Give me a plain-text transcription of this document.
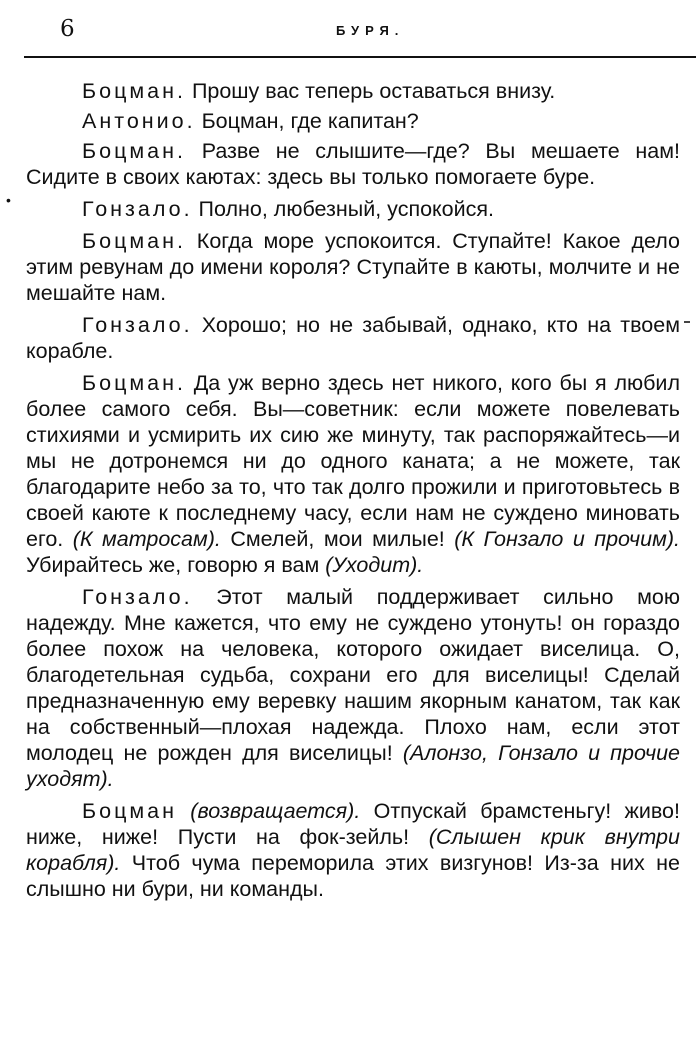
6	БУРЯ.
•

Боцман. Прошу вас теперь оставаться внизу.

Антонио. Боцман, где капитан?

Боцман. Разве не слышите—где? Вы мешаете нам! Сидите в своих каютах: здесь вы только помогаете буре.

Гонзало. Полно, любезный, успокойся.

Боцман. Когда море успокоится. Ступайте! Какое дело этим ревунам до имени короля? Ступайте в каюты, молчите и не мешайте нам.

Гонзало. Хорошо; но не забывай, однако, кто на твоем корабле.

Боцман. Да уж верно здесь нет никого, кого бы я любил более самого себя. Вы—советник: если можете повелевать стихиями и усмирить их сию же минуту, так распоряжайтесь—и мы не дотронемся ни до одного каната; а не можете, так благодарите небо за то, что так долго прожили и приготовьтесь в своей каюте к последнему часу, если нам не суждено миновать его. (К матросам). Смелей, мои милые! (К Гонзало и прочим). Убирайтесь же, говорю я вам (Уходит).

Гонзало. Этот малый поддерживает сильно мою надежду. Мне кажется, что ему не суждено утонуть! он гораздо более похож на человека, которого ожидает виселица. О, благодетельная судьба, сохрани его для виселицы! Сделай предназначенную ему веревку нашим якорным канатом, так как на собственный—плохая надежда. Плохо нам, если этот молодец не рожден для виселицы! (Алонзо, Гонзало и прочие уходят).

Боцман (возвращается). Отпускай брамстеньгу! живо! ниже, ниже! Пусти на фок-зейль! (Слышен крик внутри корабля). Чтоб чума переморила этих визгунов! Из-за них не слышно ни бури, ни команды.
